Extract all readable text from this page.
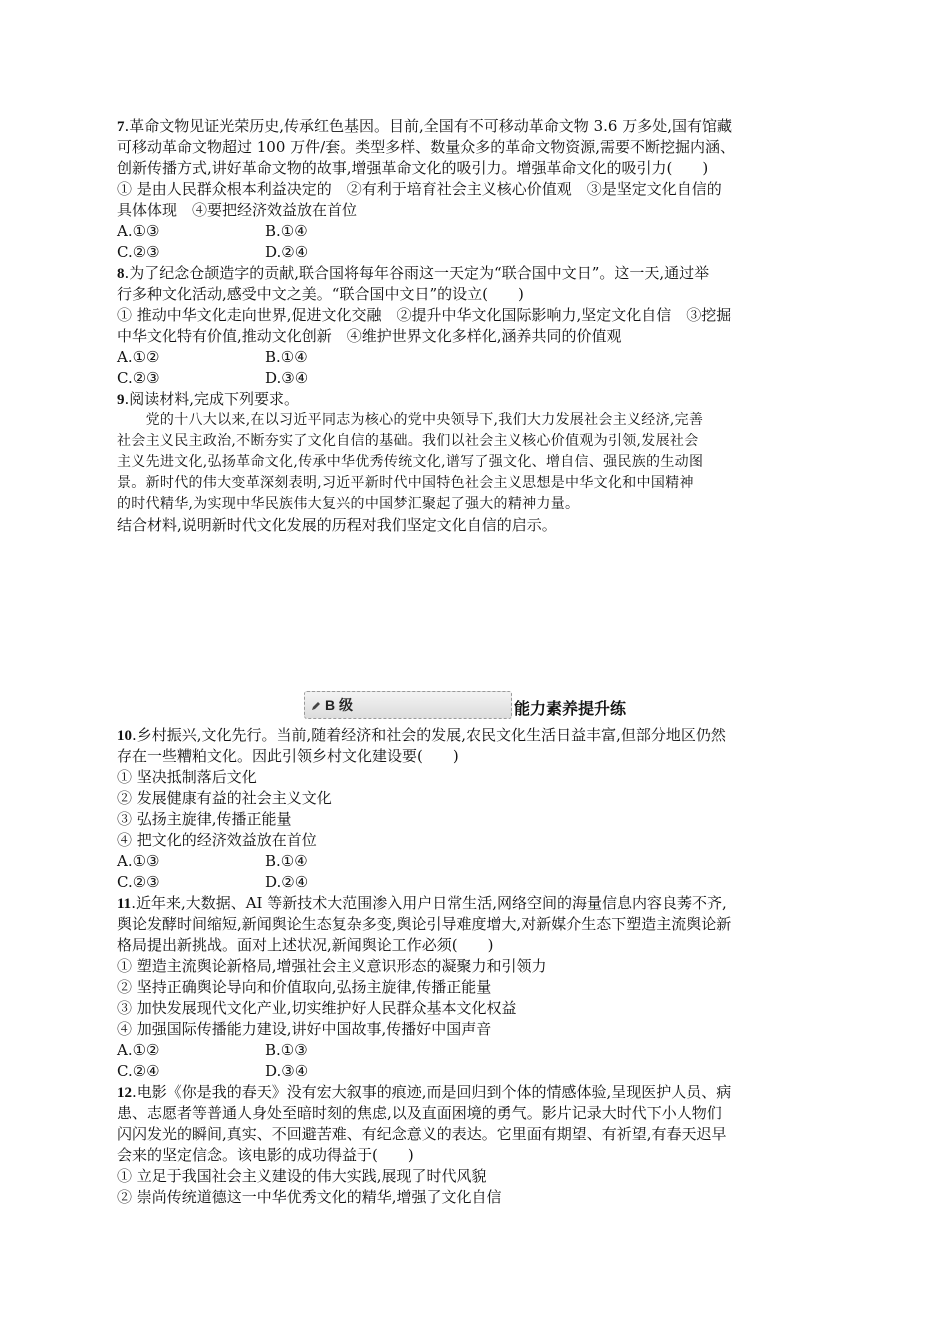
7.革命文物见证光荣历史,传承红色基因。目前,全国有不可移动革命文物 3.6 万多处,国有馆藏
可移动革命文物超过 100 万件/套。类型多样、数量众多的革命文物资源,需要不断挖掘内涵、
创新传播方式,讲好革命文物的故事,增强革命文化的吸引力。增强革命文化的吸引力(　　)
① 是由人民群众根本利益决定的　②有利于培育社会主义核心价值观　③是坚定文化自信的
具体体现　④要把经济效益放在首位
A.①③	B.①④
C.②③	D.②④
8.为了纪念仓颉造字的贡献,联合国将每年谷雨这一天定为“联合国中文日”。这一天,通过举
行多种文化活动,感受中文之美。“联合国中文日”的设立(　　)
① 推动中华文化走向世界,促进文化交融　②提升中华文化国际影响力,坚定文化自信　③挖掘
中华文化特有价值,推动文化创新　④维护世界文化多样化,涵养共同的价值观
A.①②	B.①④
C.②③	D.③④
9.阅读材料,完成下列要求。
　　党的十八大以来,在以习近平同志为核心的党中央领导下,我们大力发展社会主义经济,完善
社会主义民主政治,不断夯实了文化自信的基础。我们以社会主义核心价值观为引领,发展社会
主义先进文化,弘扬革命文化,传承中华优秀传统文化,谱写了强文化、增自信、强民族的生动图
景。新时代的伟大变革深刻表明,习近平新时代中国特色社会主义思想是中华文化和中国精神
的时代精华,为实现中华民族伟大复兴的中国梦汇聚起了强大的精神力量。
结合材料,说明新时代文化发展的历程对我们坚定文化自信的启示。
B 级	能力素养提升练
10.乡村振兴,文化先行。当前,随着经济和社会的发展,农民文化生活日益丰富,但部分地区仍然
存在一些糟粕文化。因此引领乡村文化建设要(　　)
① 坚决抵制落后文化
② 发展健康有益的社会主义文化
③ 弘扬主旋律,传播正能量
④ 把文化的经济效益放在首位
A.①③	B.①④
C.②③	D.②④
11.近年来,大数据、AI 等新技术大范围渗入用户日常生活,网络空间的海量信息内容良莠不齐,
舆论发酵时间缩短,新闻舆论生态复杂多变,舆论引导难度增大,对新媒介生态下塑造主流舆论新
格局提出新挑战。面对上述状况,新闻舆论工作必须(　　)
① 塑造主流舆论新格局,增强社会主义意识形态的凝聚力和引领力
② 坚持正确舆论导向和价值取向,弘扬主旋律,传播正能量
③ 加快发展现代文化产业,切实维护好人民群众基本文化权益
④ 加强国际传播能力建设,讲好中国故事,传播好中国声音
A.①②	B.①③
C.②④	D.③④
12.电影《你是我的春天》没有宏大叙事的痕迹,而是回归到个体的情感体验,呈现医护人员、病
患、志愿者等普通人身处至暗时刻的焦虑,以及直面困境的勇气。影片记录大时代下小人物们
闪闪发光的瞬间,真实、不回避苦难、有纪念意义的表达。它里面有期望、有祈望,有春天迟早
会来的坚定信念。该电影的成功得益于(　　)
① 立足于我国社会主义建设的伟大实践,展现了时代风貌
② 崇尚传统道德这一中华优秀文化的精华,增强了文化自信
